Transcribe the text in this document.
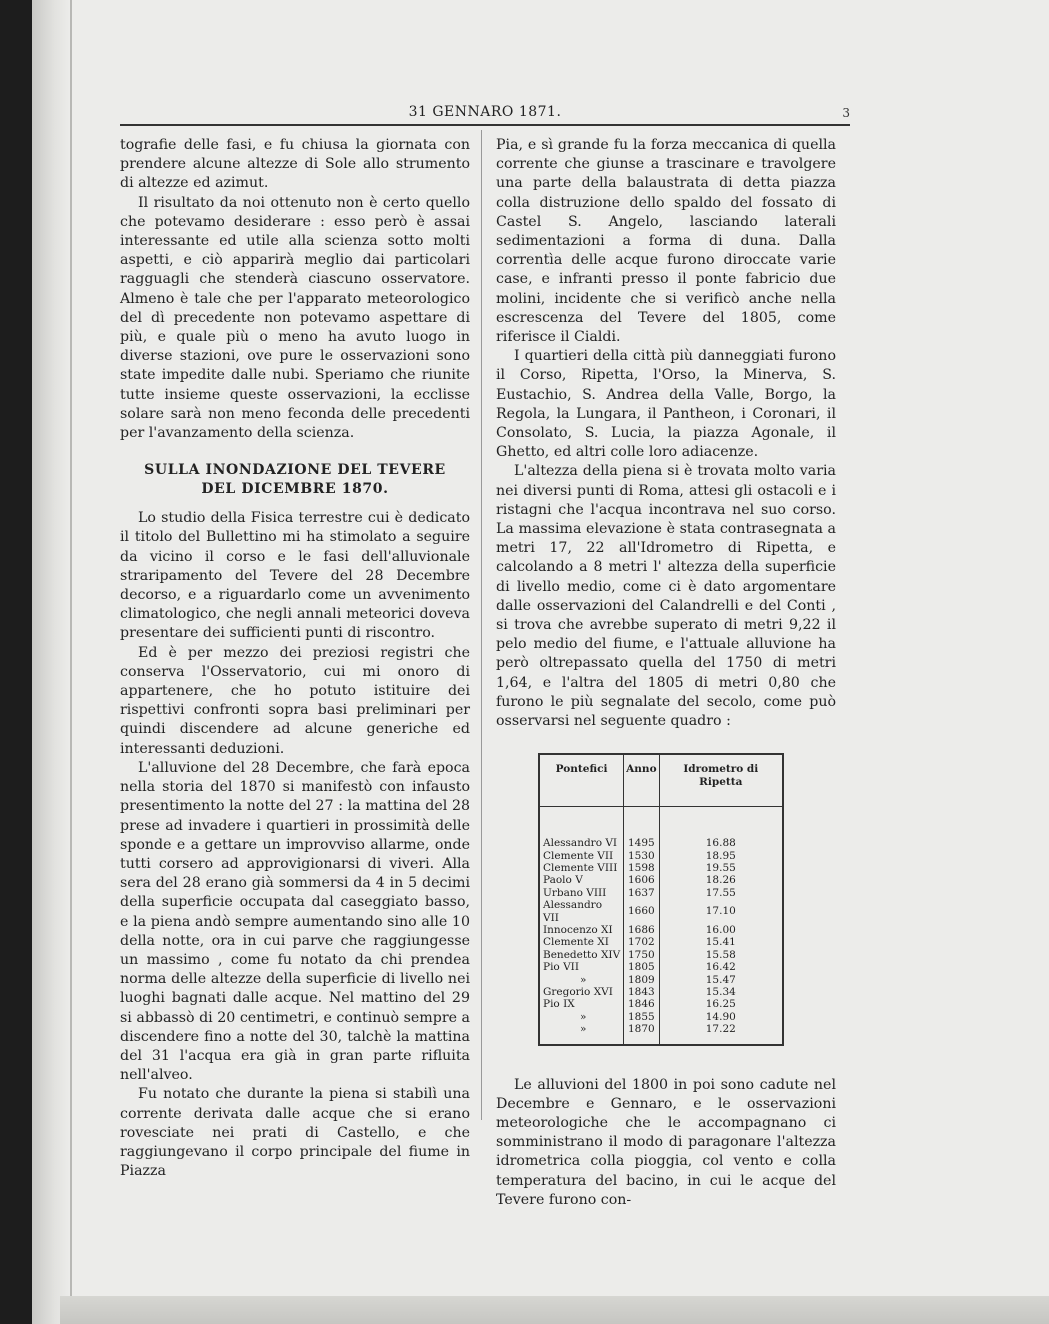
31 GENNARO 1871.	3

tografie delle fasi, e fu chiusa la giornata con prendere alcune altezze di Sole allo strumento di altezze ed azimut.

Il risultato da noi ottenuto non è certo quello che potevamo desiderare : esso però è assai interessante ed utile alla scienza sotto molti aspetti, e ciò apparirà meglio dai particolari ragguagli che stenderà ciascuno osservatore. Almeno è tale che per l'apparato meteorologico del dì precedente non potevamo aspettare di più, e quale più o meno ha avuto luogo in diverse stazioni, ove pure le osservazioni sono state impedite dalle nubi. Speriamo che riunite tutte insieme queste osservazioni, la ecclisse solare sarà non meno feconda delle precedenti per l'avanzamento della scienza.

SULLA INONDAZIONE DEL TEVERE
DEL DICEMBRE 1870.

Lo studio della Fisica terrestre cui è dedicato il titolo del Bullettino mi ha stimolato a seguire da vicino il corso e le fasi dell'alluvionale straripamento del Tevere del 28 Decembre decorso, e a riguardarlo come un avvenimento climatologico, che negli annali meteorici doveva presentare dei sufficienti punti di riscontro.

Ed è per mezzo dei preziosi registri che conserva l'Osservatorio, cui mi onoro di appartenere, che ho potuto istituire dei rispettivi confronti sopra basi preliminari per quindi discendere ad alcune generiche ed interessanti deduzioni.

L'alluvione del 28 Decembre, che farà epoca nella storia del 1870 si manifestò con infausto presentimento la notte del 27 : la mattina del 28 prese ad invadere i quartieri in prossimità delle sponde e a gettare un improvviso allarme, onde tutti corsero ad approvigionarsi di viveri. Alla sera del 28 erano già sommersi da 4 in 5 decimi della superficie occupata dal caseggiato basso, e la piena andò sempre aumentando sino alle 10 della notte, ora in cui parve che raggiungesse un massimo , come fu notato da chi prendea norma delle altezze della superficie di livello nei luoghi bagnati dalle acque. Nel mattino del 29 si abbassò di 20 centimetri, e continuò sempre a discendere fino a notte del 30, talchè la mattina del 31 l'acqua era già in gran parte rifluita nell'alveo.

Fu notato che durante la piena si stabilì una corrente derivata dalle acque che si erano rovesciate nei prati di Castello, e che raggiungevano il corpo principale del fiume in Piazza

Pia, e sì grande fu la forza meccanica di quella corrente che giunse a trascinare e travolgere una parte della balaustrata di detta piazza colla distruzione dello spaldo del fossato di Castel S. Angelo, lasciando laterali sedimentazioni a forma di duna. Dalla correntìa delle acque furono diroccate varie case, e infranti presso il ponte fabricio due molini, incidente che si verificò anche nella escrescenza del Tevere del 1805, come riferisce il Cialdi.

I quartieri della città più danneggiati furono il Corso, Ripetta, l'Orso, la Minerva, S. Eustachio, S. Andrea della Valle, Borgo, la Regola, la Lungara, il Pantheon, i Coronari, il Consolato, S. Lucia, la piazza Agonale, il Ghetto, ed altri colle loro adiacenze.

L'altezza della piena si è trovata molto varia nei diversi punti di Roma, attesi gli ostacoli e i ristagni che l'acqua incontrava nel suo corso. La massima elevazione è stata contrasegnata a metri 17, 22 all'Idrometro di Ripetta, e calcolando a 8 metri l' altezza della superficie di livello medio, come ci è dato argomentare dalle osservazioni del Calandrelli e del Conti , si trova che avrebbe superato di metri 9,22 il pelo medio del fiume, e l'attuale alluvione ha però oltrepassato quella del 1750 di metri 1,64, e l'altra del 1805 di metri 0,80 che furono le più segnalate del secolo, come può osservarsi nel seguente quadro :

Pontefici	Anno	Idrometro di Ripetta
Alessandro VI	1495	16.88
Clemente VII	1530	18.95
Clemente VIII	1598	19.55
Paolo V	1606	18.26
Urbano VIII	1637	17.55
Alessandro VII	1660	17.10
Innocenzo XI	1686	16.00
Clemente XI	1702	15.41
Benedetto XIV	1750	15.58
Pio VII	1805	16.42
»	1809	15.47
Gregorio XVI	1843	15.34
Pio IX	1846	16.25
»	1855	14.90
»	1870	17.22

Le alluvioni del 1800 in poi sono cadute nel Decembre e Gennaro, e le osservazioni meteorologiche che le accompagnano ci somministrano il modo di paragonare l'altezza idrometrica colla pioggia, col vento e colla temperatura del bacino, in cui le acque del Tevere furono con-
